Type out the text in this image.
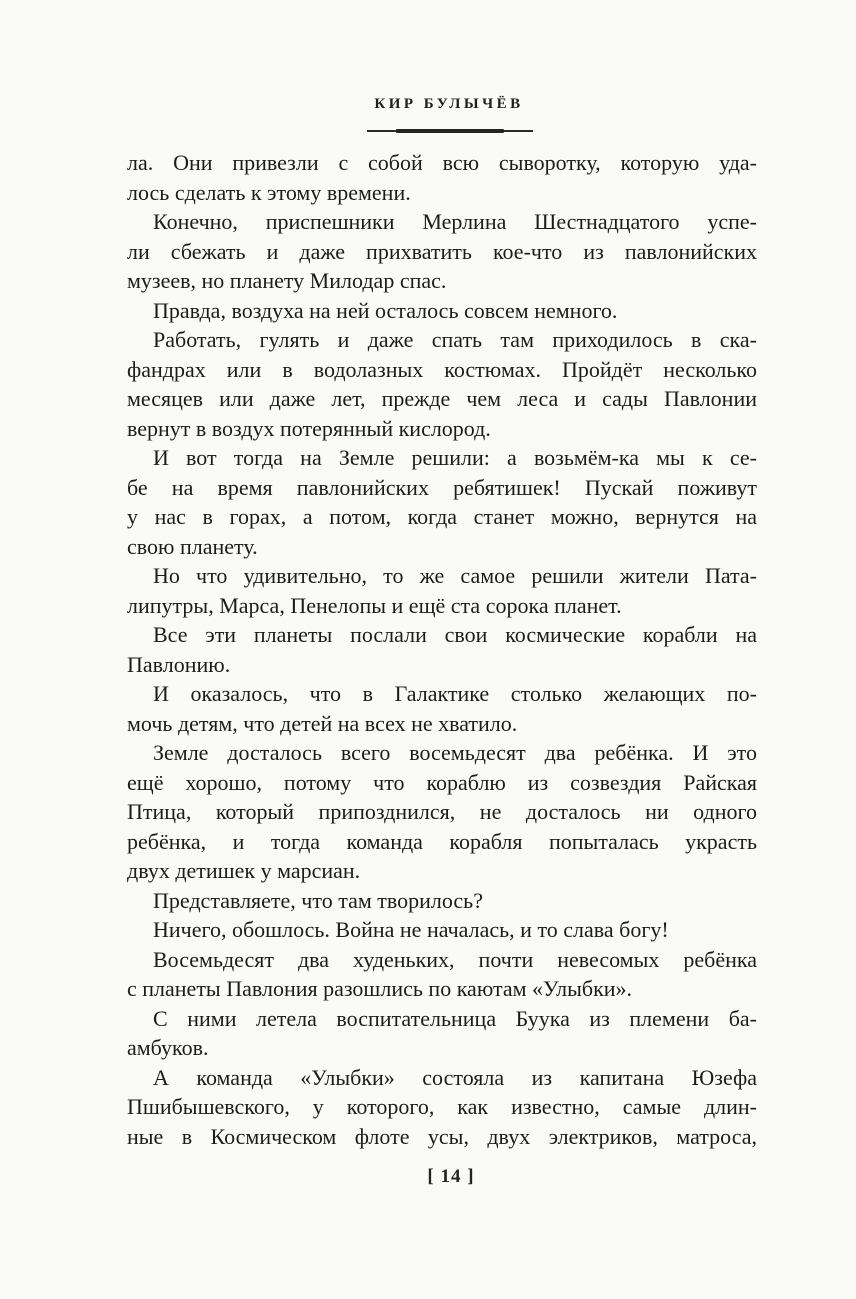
КИР БУЛЫЧЁВ
ла. Они привезли с собой всю сыворотку, которую уда-
лось сделать к этому времени.
Конечно, приспешники Мерлина Шестнадцатого успе-
ли сбежать и даже прихватить кое-что из павлонийских
музеев, но планету Милодар спас.
Правда, воздуха на ней осталось совсем немного.
Работать, гулять и даже спать там приходилось в ска-
фандрах или в водолазных костюмах. Пройдёт несколько
месяцев или даже лет, прежде чем леса и сады Павлонии
вернут в воздух потерянный кислород.
И вот тогда на Земле решили: а возьмём-ка мы к се-
бе на время павлонийских ребятишек! Пускай поживут
у нас в горах, а потом, когда станет можно, вернутся на
свою планету.
Но что удивительно, то же самое решили жители Пата-
липутры, Марса, Пенелопы и ещё ста сорока планет.
Все эти планеты послали свои космические корабли на
Павлонию.
И оказалось, что в Галактике столько желающих по-
мочь детям, что детей на всех не хватило.
Земле досталось всего восемьдесят два ребёнка. И это
ещё хорошо, потому что кораблю из созвездия Райская
Птица, который припозднился, не досталось ни одного
ребёнка, и тогда команда корабля попыталась украсть
двух детишек у марсиан.
Представляете, что там творилось?
Ничего, обошлось. Война не началась, и то слава богу!
Восемьдесят два худеньких, почти невесомых ребёнка
с планеты Павлония разошлись по каютам «Улыбки».
С ними летела воспитательница Буука из племени ба-
амбуков.
А команда «Улыбки» состояла из капитана Юзефа
Пшибышевского, у которого, как известно, самые длин-
ные в Космическом флоте усы, двух электриков, матроса,
[ 14 ]
